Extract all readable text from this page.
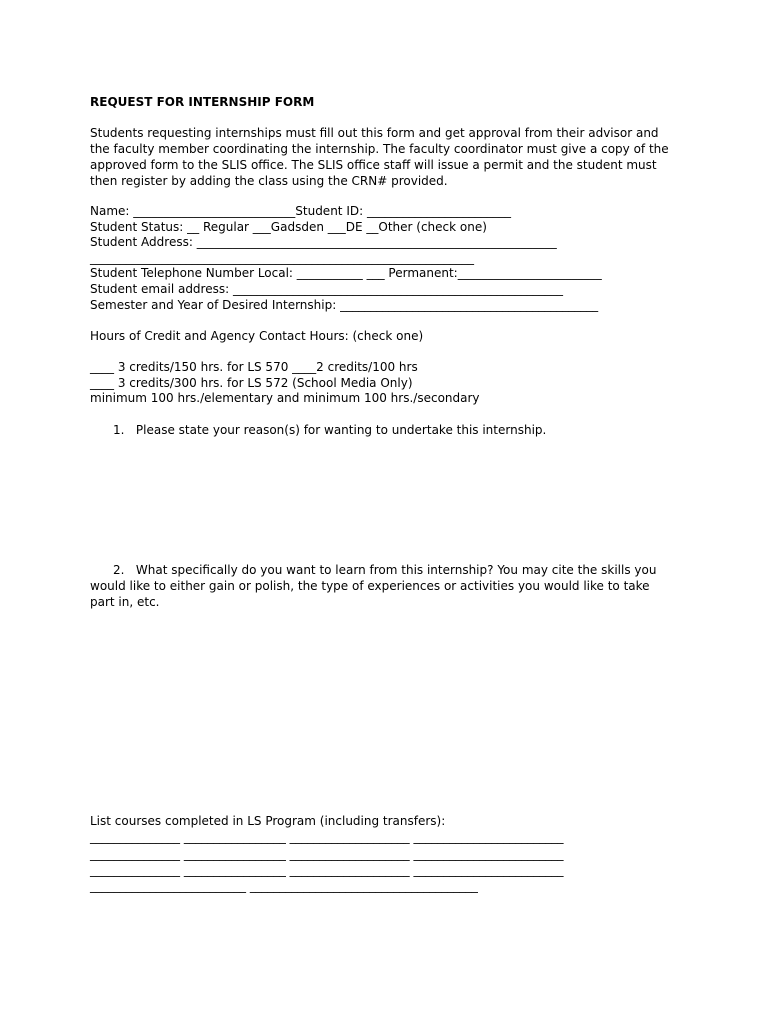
REQUEST FOR INTERNSHIP FORM
Students requesting internships must fill out this form and get approval from their advisor and
the faculty member coordinating the internship. The faculty coordinator must give a copy of the
approved form to the SLIS office. The SLIS office staff will issue a permit and the student must
then register by adding the class using the CRN# provided.
Name: ___________________________Student ID: ________________________
Student Status: __ Regular ___Gadsden ___DE __Other (check one)
Student Address: ____________________________________________________________
________________________________________________________________
Student Telephone Number Local: ___________ ___ Permanent:________________________
Student email address: _______________________________________________________
Semester and Year of Desired Internship: ___________________________________________
Hours of Credit and Agency Contact Hours: (check one)
____ 3 credits/150 hrs. for LS 570 ____2 credits/100 hrs
____ 3 credits/300 hrs. for LS 572 (School Media Only)
minimum 100 hrs./elementary and minimum 100 hrs./secondary
1.   Please state your reason(s) for wanting to undertake this internship.
2.   What specifically do you want to learn from this internship? You may cite the skills you
would like to either gain or polish, the type of experiences or activities you would like to take
part in, etc.
List courses completed in LS Program (including transfers):
_______________ _________________ ____________________ _________________________
_______________ _________________ ____________________ _________________________
_______________ _________________ ____________________ _________________________
__________________________ ______________________________________
